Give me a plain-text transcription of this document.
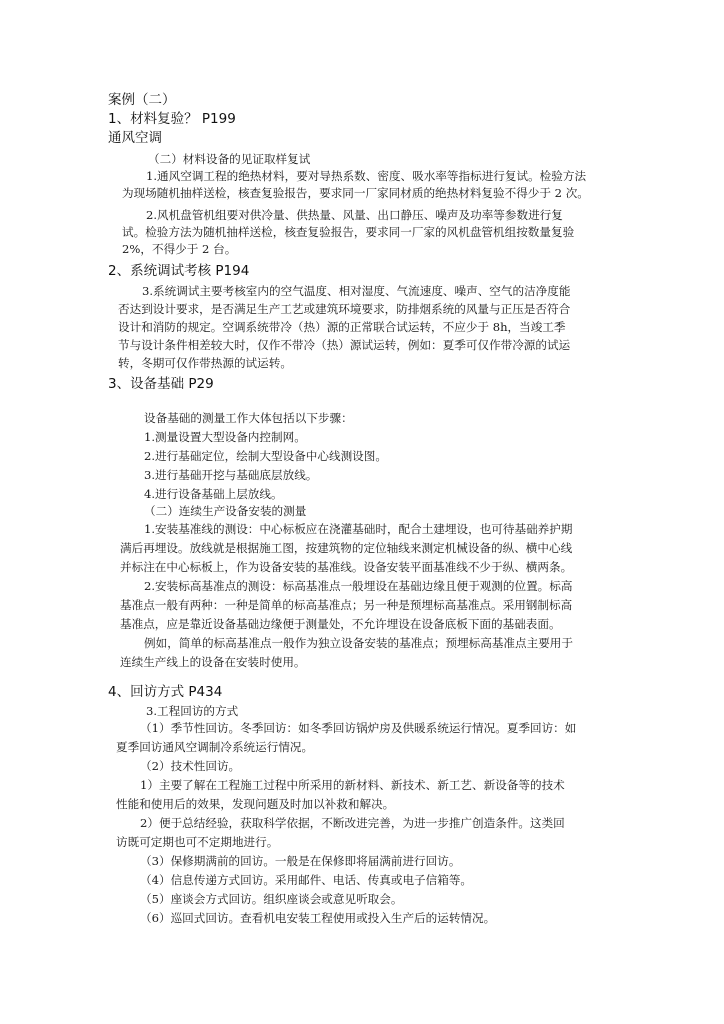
案例（二）
1、材料复验？ P199
通风空调
（二）材料设备的见证取样复试
1.通风空调工程的绝热材料，要对导热系数、密度、吸水率等指标进行复试。检验方法
为现场随机抽样送检，核查复验报告，要求同一厂家同材质的绝热材料复验不得少于 2 次。
2.风机盘管机组要对供冷量、供热量、风量、出口静压、噪声及功率等参数进行复
试。检验方法为随机抽样送检，核查复验报告，要求同一厂家的风机盘管机组按数量复验
2%，不得少于 2 台。
2、系统调试考核 P194
3.系统调试主要考核室内的空气温度、相对湿度、气流速度、噪声、空气的洁净度能
否达到设计要求，是否满足生产工艺或建筑环境要求，防排烟系统的风量与正压是否符合
设计和消防的规定。空调系统带冷（热）源的正常联合试运转，不应少于 8h，当竣工季
节与设计条件相差较大时，仅作不带冷（热）源试运转，例如：夏季可仅作带冷源的试运
转，冬期可仅作带热源的试运转。
3、设备基础 P29
设备基础的测量工作大体包括以下步骤：
1.测量设置大型设备内控制网。
2.进行基础定位，绘制大型设备中心线测设图。
3.进行基础开挖与基础底层放线。
4.进行设备基础上层放线。
（二）连续生产设备安装的测量
1.安装基准线的测设：中心标板应在浇灌基础时，配合土建埋设，也可待基础养护期
满后再埋设。放线就是根据施工图，按建筑物的定位轴线来测定机械设备的纵、横中心线
并标注在中心标板上，作为设备安装的基准线。设备安装平面基准线不少于纵、横两条。
2.安装标高基准点的测设：标高基准点一般埋设在基础边缘且便于观测的位置。标高
基准点一般有两种：一种是简单的标高基准点；另一种是预埋标高基准点。采用钢制标高
基准点，应是靠近设备基础边缘便于测量处，不允许埋设在设备底板下面的基础表面。
例如，简单的标高基准点一般作为独立设备安装的基准点；预埋标高基准点主要用于
连续生产线上的设备在安装时使用。
4、回访方式 P434
3.工程回访的方式
（1）季节性回访。冬季回访：如冬季回访锅炉房及供暖系统运行情况。夏季回访：如
夏季回访通风空调制冷系统运行情况。
（2）技术性回访。
1）主要了解在工程施工过程中所采用的新材料、新技术、新工艺、新设备等的技术
性能和使用后的效果，发现问题及时加以补救和解决。
2）便于总结经验，获取科学依据，不断改进完善，为进一步推广创造条件。这类回
访既可定期也可不定期地进行。
（3）保修期满前的回访。一般是在保修即将届满前进行回访。
（4）信息传递方式回访。采用邮件、电话、传真或电子信箱等。
（5）座谈会方式回访。组织座谈会或意见听取会。
（6）巡回式回访。查看机电安装工程使用或投入生产后的运转情况。
